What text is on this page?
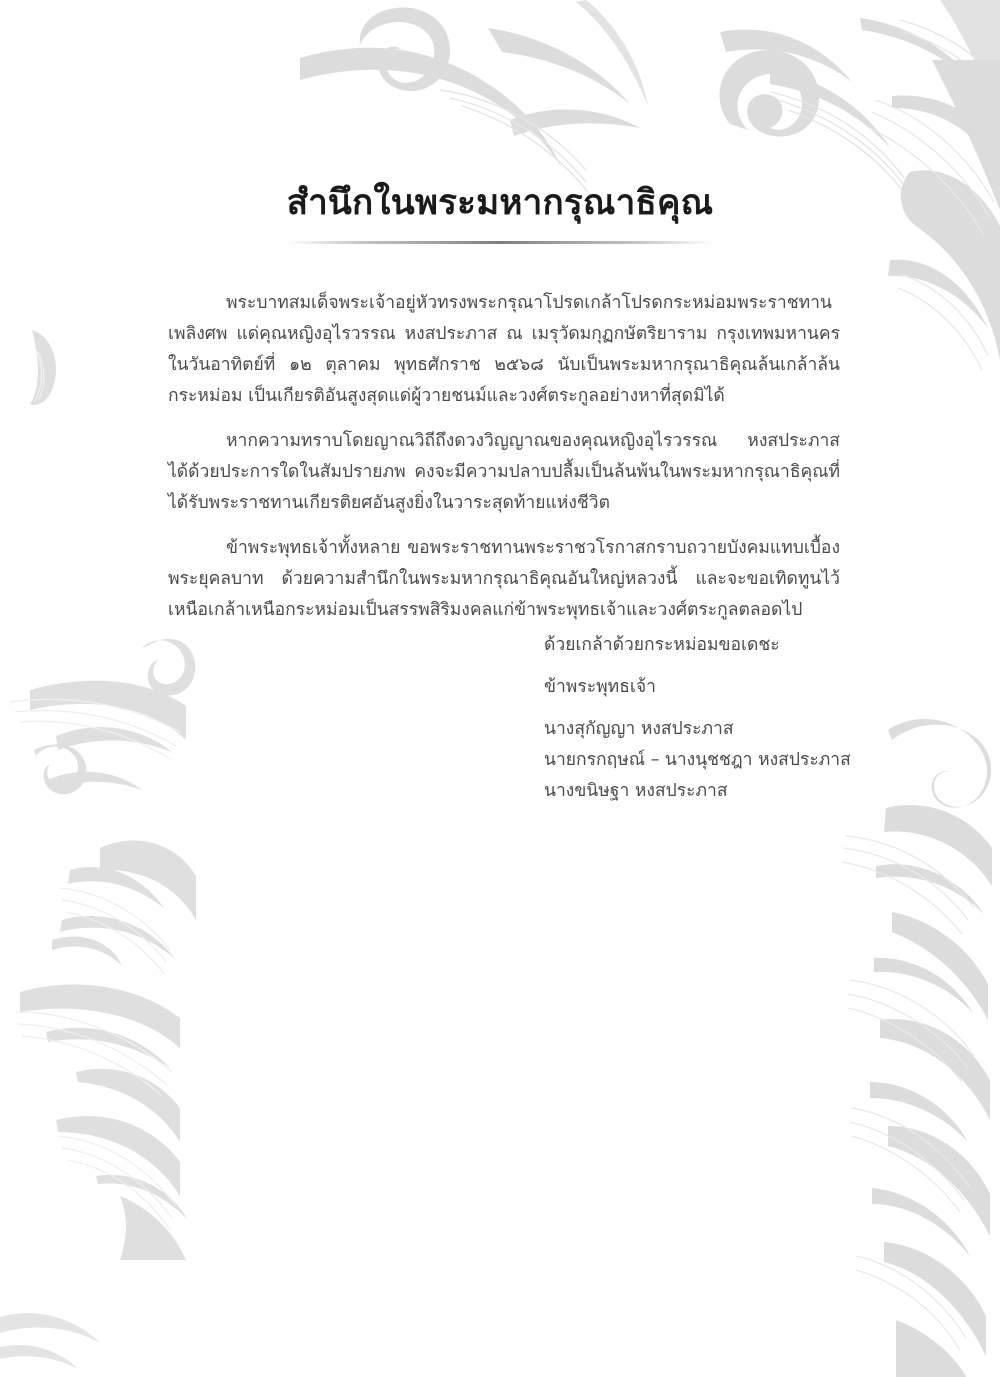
สำนึกในพระมหากรุณาธิคุณ

พระบาทสมเด็จพระเจ้าอยู่หัวทรงพระกรุณาโปรดเกล้าโปรดกระหม่อมพระราชทานเพลิงศพ แด่คุณหญิงอุไรวรรณ หงสประภาส ณ เมรุวัดมกุฏกษัตริยาราม กรุงเทพมหานคร ในวันอาทิตย์ที่ ๑๒ ตุลาคม พุทธศักราช ๒๕๖๘ นับเป็นพระมหากรุณาธิคุณล้นเกล้าล้นกระหม่อม เป็นเกียรติอันสูงสุดแด่ผู้วายชนม์และวงศ์ตระกูลอย่างหาที่สุดมิได้

หากความทราบโดยญาณวิถีถึงดวงวิญญาณของคุณหญิงอุไรวรรณ หงสประภาส ได้ด้วยประการใดในสัมปรายภพ คงจะมีความปลาบปลื้มเป็นล้นพ้นในพระมหากรุณาธิคุณที่ได้รับพระราชทานเกียรติยศอันสูงยิ่งในวาระสุดท้ายแห่งชีวิต

ข้าพระพุทธเจ้าทั้งหลาย ขอพระราชทานพระราชวโรกาสกราบถวายบังคมแทบเบื้องพระยุคลบาท ด้วยความสำนึกในพระมหากรุณาธิคุณอันใหญ่หลวงนี้ และจะขอเทิดทูนไว้เหนือเกล้าเหนือกระหม่อมเป็นสรรพสิริมงคลแก่ข้าพระพุทธเจ้าและวงศ์ตระกูลตลอดไป

ด้วยเกล้าด้วยกระหม่อมขอเดชะ
ข้าพระพุทธเจ้า
นางสุกัญญา หงสประภาส
นายกรกฤษณ์ – นางนุชชฎา หงสประภาส
นางขนิษฐา หงสประภาส
